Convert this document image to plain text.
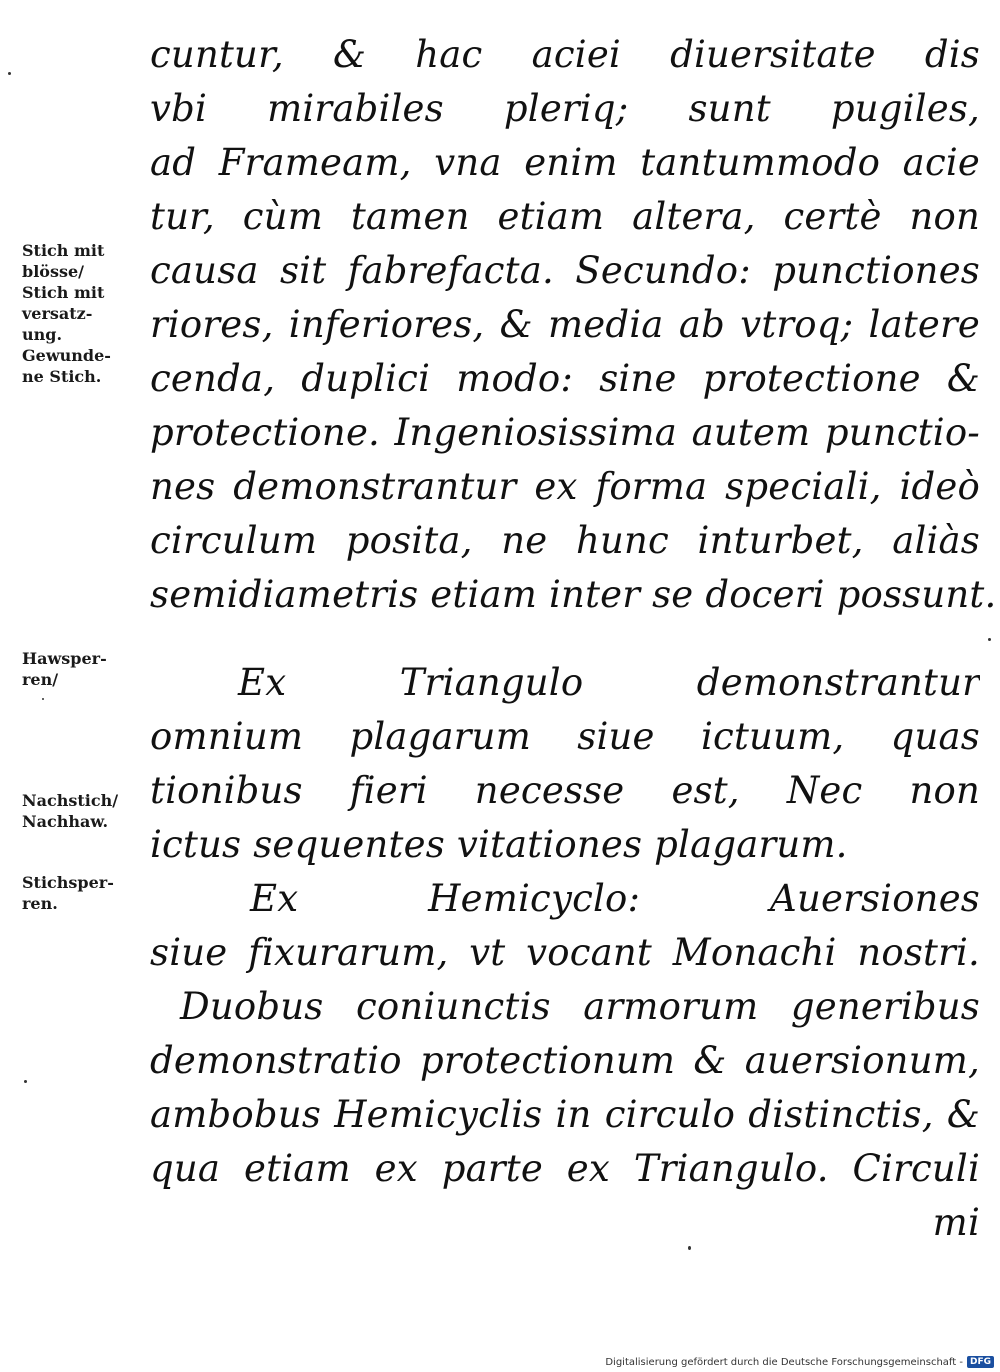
cuntur, & hac aciei diuersitate dis
vbi mirabiles pleriq; sunt pugiles,
ad Frameam, vna enim tantummodo acie
tur, cùm tamen etiam altera, certè non
causa sit fabrefacta. Secundo: punctiones
riores, inferiores, & media ab vtroq; latere
cenda, duplici modo: sine protectione &
protectione. Ingeniosissima autem punctio-
nes demonstrantur ex forma speciali, ideò
circulum posita, ne hunc inturbet, aliàs
semidiametris etiam inter se doceri possunt.
Ex Triangulo demonstrantur
omnium plagarum siue ictuum, quas
tionibus fieri necesse est, Nec non
ictus sequentes vitationes plagarum.
Ex Hemicyclo: Auersiones
siue fixurarum, vt vocant Monachi nostri.
Duobus coniunctis armorum generibus
demonstratio protectionum & auersionum,
ambobus Hemicyclis in circulo distinctis, &
qua etiam ex parte ex Triangulo. Circuli
mi
Stich mit
blösse/
Stich mit
versatz-
ung.
Gewunde-
ne Stich.
Hawsper-
ren/
Nachstich/
Nachhaw.
Stichsper-
ren.
Digitalisierung gefördert durch die Deutsche Forschungsgemeinschaft - DFG
